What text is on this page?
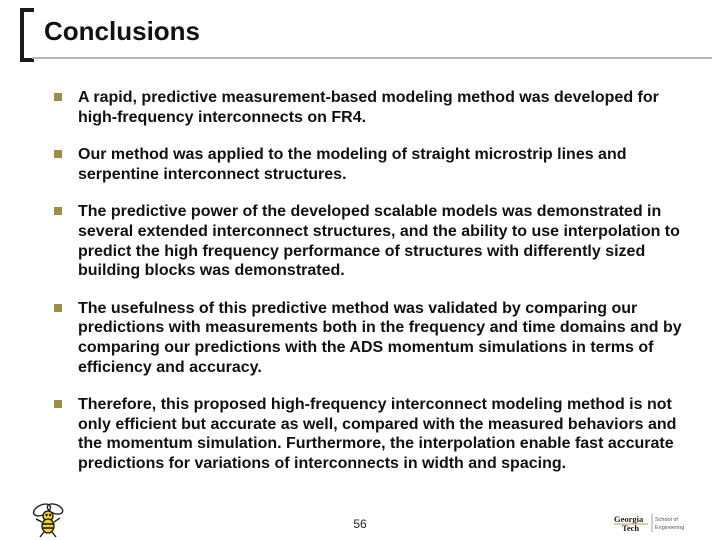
Conclusions
A rapid, predictive measurement-based modeling method was developed for high-frequency interconnects on FR4.
Our method was applied to the modeling of straight microstrip lines and serpentine interconnect structures.
The predictive power of the developed scalable models was demonstrated in several extended interconnect structures, and the ability to use interpolation to predict the high frequency performance of structures with differently sized building blocks was demonstrated.
The usefulness of this predictive method was validated by comparing our predictions with measurements both in the frequency and time domains and by comparing our predictions with the ADS momentum simulations in terms of efficiency and accuracy.
Therefore, this proposed high-frequency interconnect modeling method is not only efficient but accurate as well, compared with the measured behaviors and the momentum simulation. Furthermore, the interpolation enable fast accurate predictions for variations of interconnects in width and spacing.
56	Georgia
Tech
School of
Engineering
